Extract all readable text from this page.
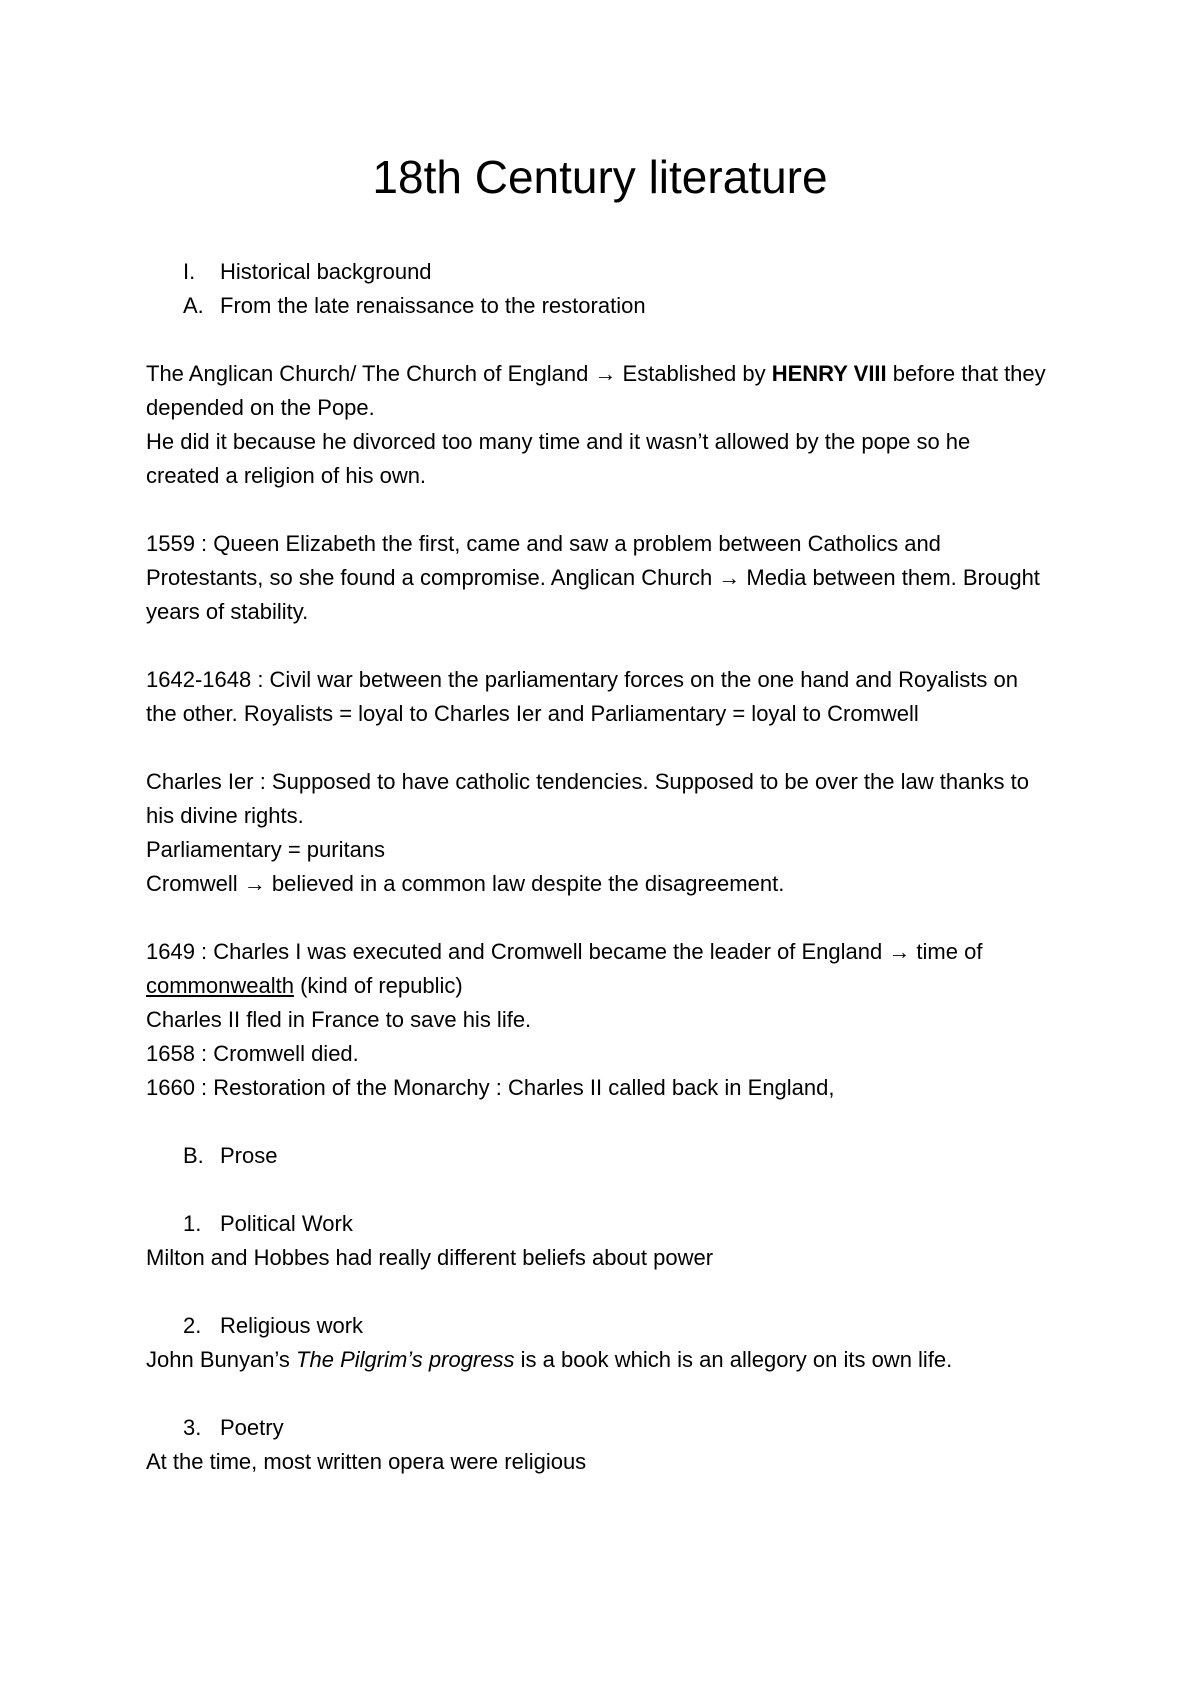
18th Century literature
I. Historical background
A. From the late renaissance to the restoration

The Anglican Church/ The Church of England → Established by HENRY VIII before that they

depended on the Pope.

He did it because he divorced too many time and it wasn’t allowed by the pope so he

created a religion of his own.

1559 : Queen Elizabeth the first, came and saw a problem between Catholics and

Protestants, so she found a compromise. Anglican Church → Media between them. Brought

years of stability.

1642-1648 : Civil war between the parliamentary forces on the one hand and Royalists on

the other. Royalists = loyal to Charles Ier and Parliamentary = loyal to Cromwell

Charles Ier : Supposed to have catholic tendencies. Supposed to be over the law thanks to

his divine rights.

Parliamentary = puritans

Cromwell → believed in a common law despite the disagreement.

1649 : Charles I was executed and Cromwell became the leader of England → time of

commonwealth (kind of republic)

Charles II fled in France to save his life.

1658 : Cromwell died.

1660 : Restoration of the Monarchy : Charles II called back in England,

B. Prose
1. Political Work

Milton and Hobbes had really different beliefs about power

2. Religious work

John Bunyan’s The Pilgrim’s progress is a book which is an allegory on its own life.

3. Poetry

At the time, most written opera were religious
